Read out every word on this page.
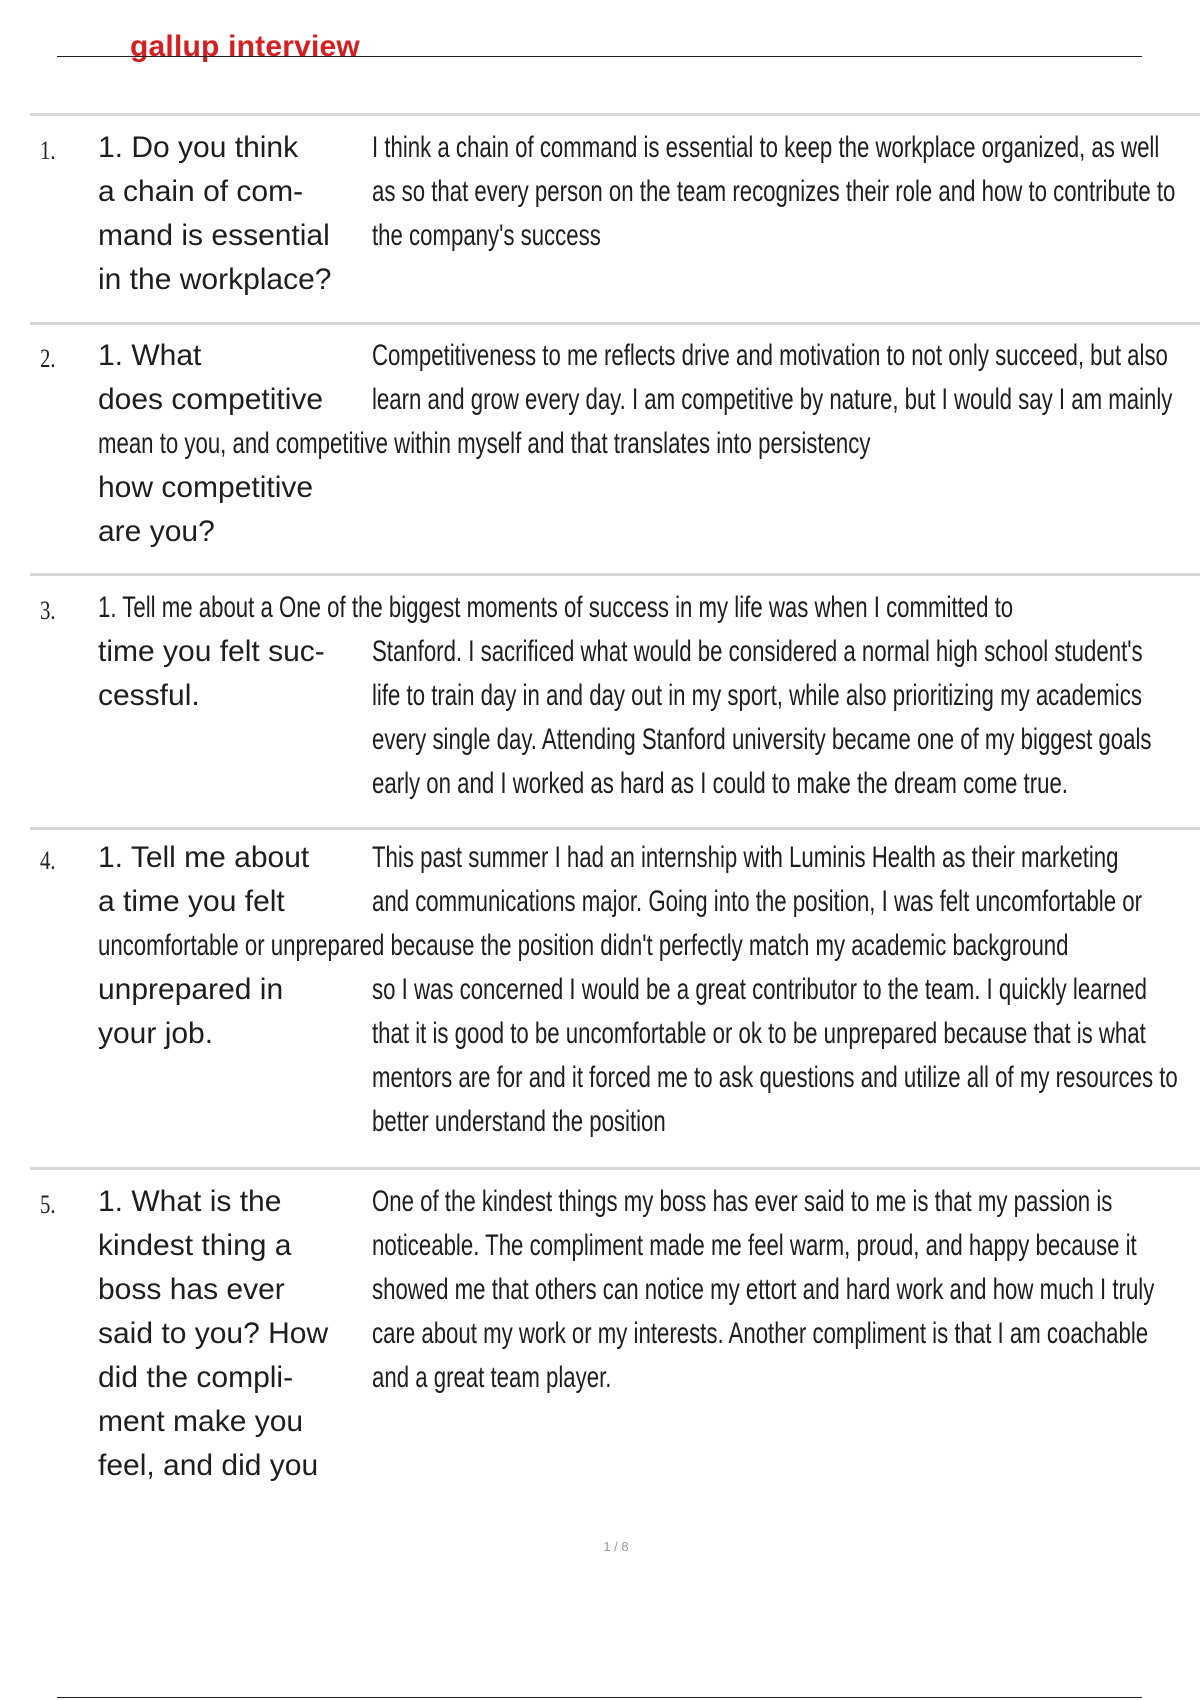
gallup interview
1. 1. Do you think
a chain of com-
mand is essential
in the workplace?
I think a chain of command is essential to keep the workplace organized, as well
as so that every person on the team recognizes their role and how to contribute to
the company's success
2. 1. What
does competitive
Competitiveness to me reflects drive and motivation to not only succeed, but also
learn and grow every day. I am competitive by nature, but I would say I am mainly
mean to you, and competitive within myself and that translates into persistency
how competitive
are you?
3. 1. Tell me about a One of the biggest moments of success in my life was when I committed to
time you felt suc-
cessful.
Stanford. I sacrificed what would be considered a normal high school student's
life to train day in and day out in my sport, while also prioritizing my academics
every single day. Attending Stanford university became one of my biggest goals
early on and I worked as hard as I could to make the dream come true.
4. 1. Tell me about
a time you felt
This past summer I had an internship with Luminis Health as their marketing
and communications major. Going into the position, I was felt uncomfortable or
uncomfortable or unprepared because the position didn't perfectly match my academic background
unprepared in
your job.
so I was concerned I would be a great contributor to the team. I quickly learned
that it is good to be uncomfortable or ok to be unprepared because that is what
mentors are for and it forced me to ask questions and utilize all of my resources to
better understand the position
5. 1. What is the
kindest thing a
boss has ever
said to you? How
did the compli-
ment make you
feel, and did you
One of the kindest things my boss has ever said to me is that my passion is
noticeable. The compliment made me feel warm, proud, and happy because it
showed me that others can notice my ettort and hard work and how much I truly
care about my work or my interests. Another compliment is that I am coachable
and a great team player.
1 / 8
